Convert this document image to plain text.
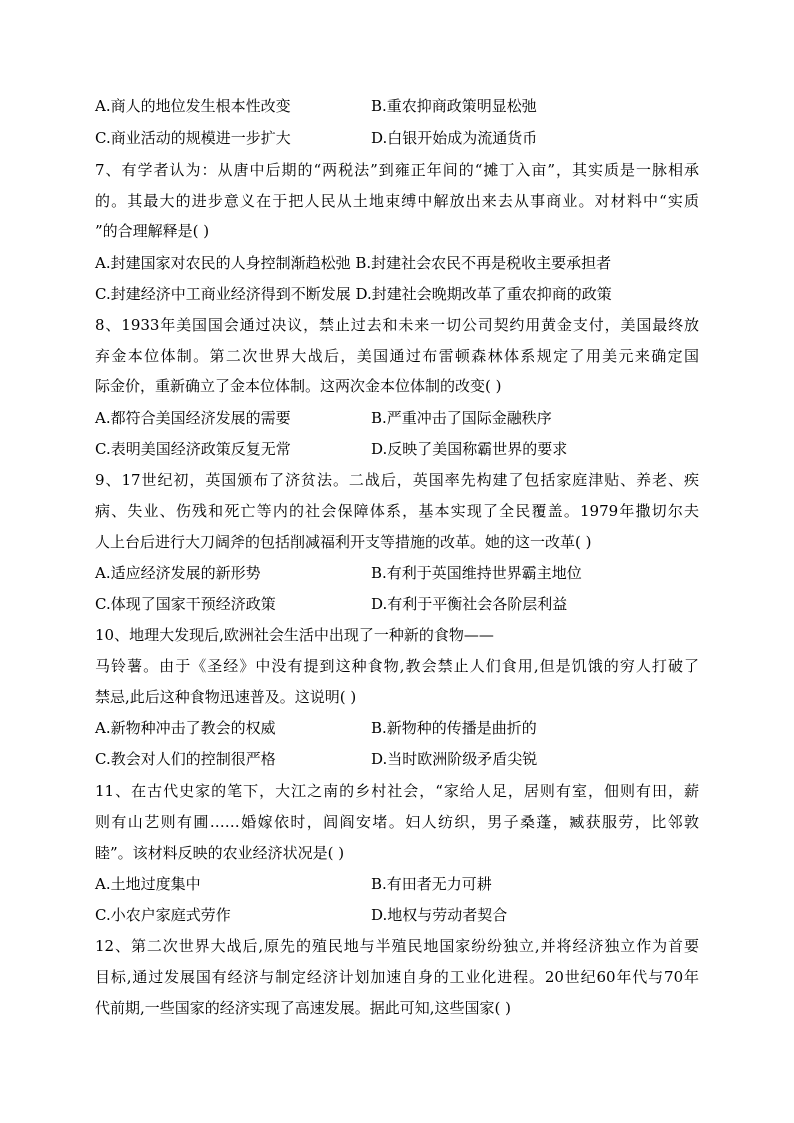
A.商人的地位发生根本性改变	B.重农抑商政策明显松弛
C.商业活动的规模进一步扩大	D.白银开始成为流通货币
7、有学者认为：从唐中后期的“两税法”到雍正年间的“摊丁入亩”，其实质是一脉相承
的。其最大的进步意义在于把人民从土地束缚中解放出来去从事商业。对材料中“实质
”的合理解释是( )
A.封建国家对农民的人身控制渐趋松弛 B.封建社会农民不再是税收主要承担者
C.封建经济中工商业经济得到不断发展 D.封建社会晚期改革了重农抑商的政策
8、1933年美国国会通过决议，禁止过去和未来一切公司契约用黄金支付，美国最终放
弃金本位体制。第二次世界大战后，美国通过布雷顿森林体系规定了用美元来确定国
际金价，重新确立了金本位体制。这两次金本位体制的改变( )
A.都符合美国经济发展的需要	B.严重冲击了国际金融秩序
C.表明美国经济政策反复无常	D.反映了美国称霸世界的要求
9、17世纪初，英国颁布了济贫法。二战后，英国率先构建了包括家庭津贴、养老、疾
病、失业、伤残和死亡等内的社会保障体系，基本实现了全民覆盖。1979年撒切尔夫
人上台后进行大刀阔斧的包括削减福利开支等措施的改革。她的这一改革( )
A.适应经济发展的新形势	B.有利于英国维持世界霸主地位
C.体现了国家干预经济政策	D.有利于平衡社会各阶层利益
10、地理大发现后,欧洲社会生活中出现了一种新的食物——
马铃薯。由于《圣经》中没有提到这种食物,教会禁止人们食用,但是饥饿的穷人打破了
禁忌,此后这种食物迅速普及。这说明( )
A.新物种冲击了教会的权威	B.新物种的传播是曲折的
C.教会对人们的控制很严格	D.当时欧洲阶级矛盾尖锐
11、在古代史家的笔下，大江之南的乡村社会，“家给人足，居则有室，佃则有田，薪
则有山艺则有圃……婚嫁依时，闾阎安堵。妇人纺织，男子桑蓬，臧获服劳，比邻敦
睦”。该材料反映的农业经济状况是( )
A.土地过度集中	B.有田者无力可耕
C.小农户家庭式劳作	D.地权与劳动者契合
12、第二次世界大战后,原先的殖民地与半殖民地国家纷纷独立,并将经济独立作为首要
目标,通过发展国有经济与制定经济计划加速自身的工业化进程。20世纪60年代与70年
代前期,一些国家的经济实现了高速发展。据此可知,这些国家( )
